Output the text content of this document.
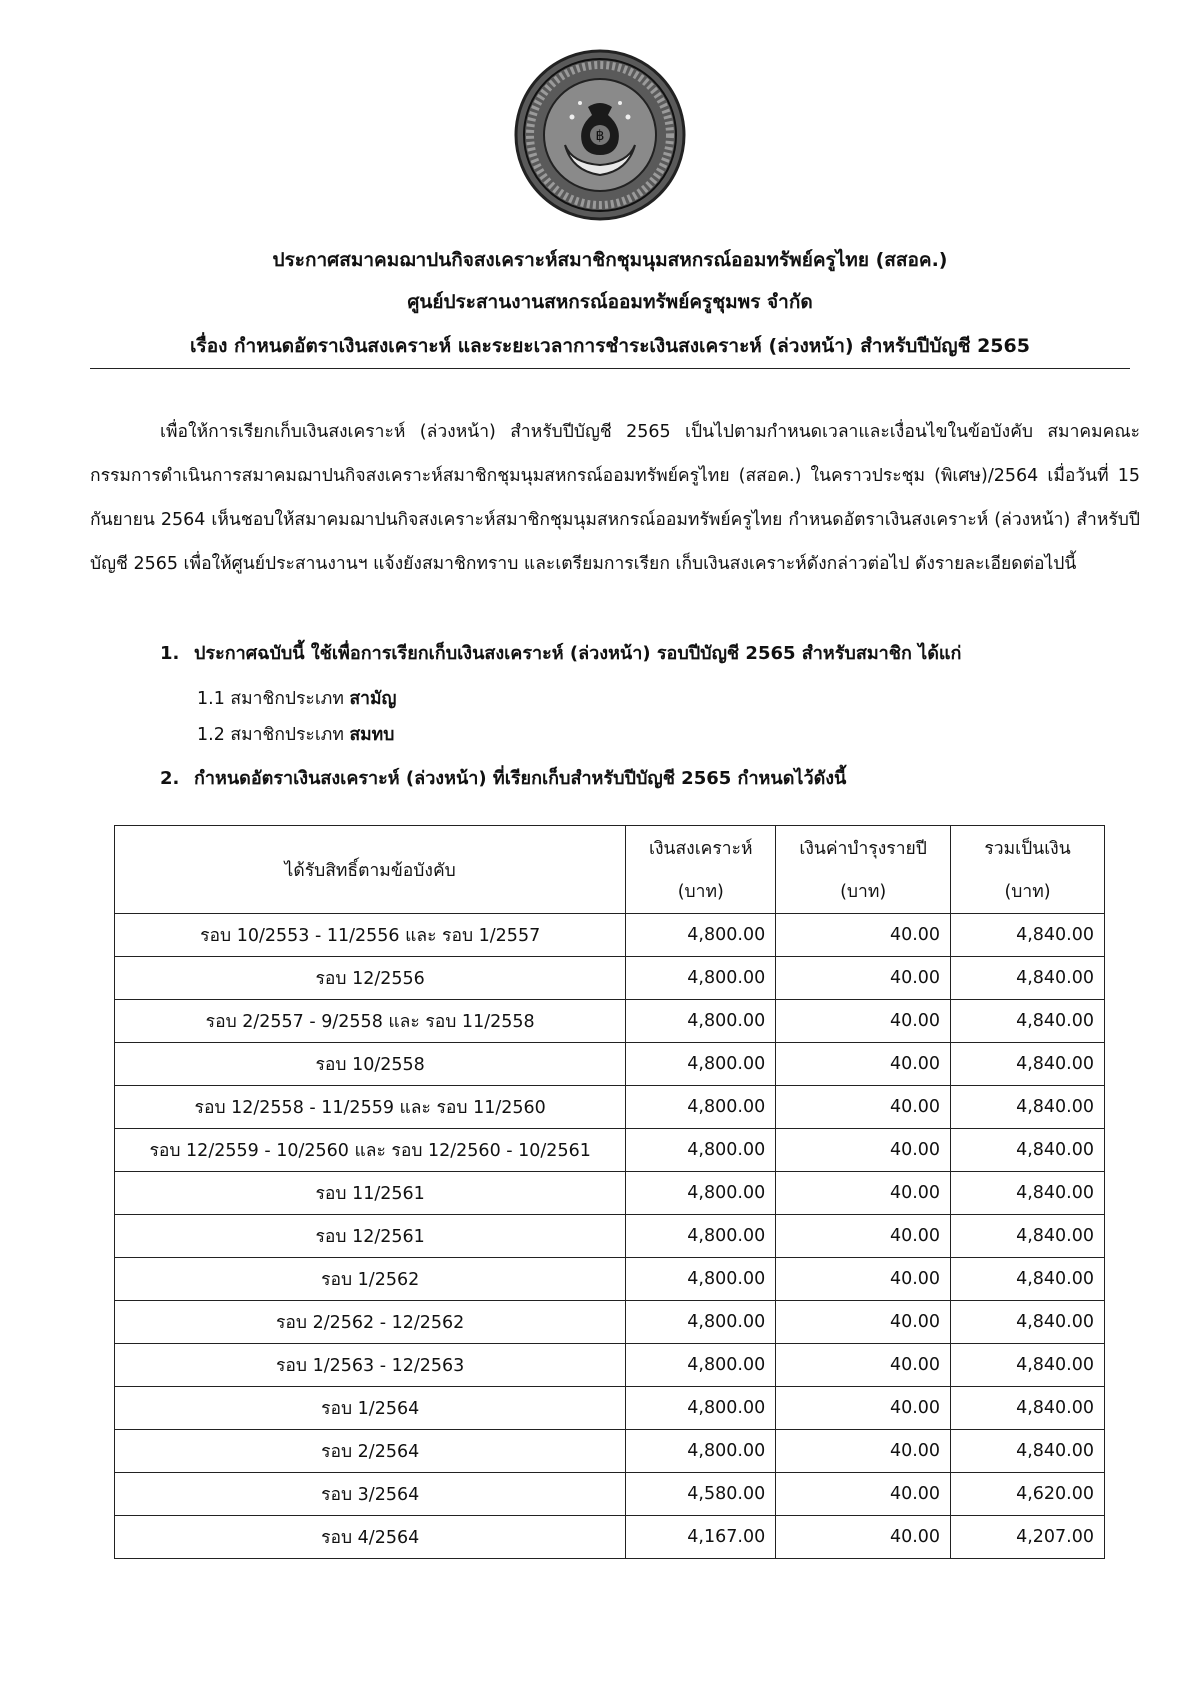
฿
ประกาศสมาคมฌาปนกิจสงเคราะห์สมาชิกชุมนุมสหกรณ์ออมทรัพย์ครูไทย (สสอค.)
ศูนย์ประสานงานสหกรณ์ออมทรัพย์ครูชุมพร จำกัด
เรื่อง กำหนดอัตราเงินสงเคราะห์ และระยะเวลาการชำระเงินสงเคราะห์ (ล่วงหน้า) สำหรับปีบัญชี 2565
เพื่อให้การเรียกเก็บเงินสงเคราะห์ (ล่วงหน้า) สำหรับปีบัญชี 2565 เป็นไปตามกำหนดเวลาและเงื่อนไขในข้อบังคับ สมาคมคณะกรรมการดำเนินการสมาคมฌาปนกิจสงเคราะห์สมาชิกชุมนุมสหกรณ์ออมทรัพย์ครูไทย (สสอค.) ในคราวประชุม (พิเศษ)/2564 เมื่อวันที่ 15 กันยายน 2564 เห็นชอบให้สมาคมฌาปนกิจสงเคราะห์สมาชิกชุมนุมสหกรณ์ออมทรัพย์ครูไทย กำหนดอัตราเงินสงเคราะห์ (ล่วงหน้า) สำหรับปีบัญชี 2565 เพื่อให้ศูนย์ประสานงานฯ แจ้งยังสมาชิกทราบ และเตรียมการเรียก เก็บเงินสงเคราะห์ดังกล่าวต่อไป ดังรายละเอียดต่อไปนี้
1. ประกาศฉบับนี้ ใช้เพื่อการเรียกเก็บเงินสงเคราะห์ (ล่วงหน้า) รอบปีบัญชี 2565 สำหรับสมาชิก ได้แก่
1.1 สมาชิกประเภท สามัญ
1.2 สมาชิกประเภท สมทบ
2. กำหนดอัตราเงินสงเคราะห์ (ล่วงหน้า) ที่เรียกเก็บสำหรับปีบัญชี 2565 กำหนดไว้ดังนี้
ได้รับสิทธิ์ตามข้อบังคับ	เงินสงเคราะห์	เงินค่าบำรุงรายปี	รวมเป็นเงิน
	(บาท)	(บาท)	(บาท)
รอบ 10/2553 - 11/2556 และ รอบ 1/2557	4,800.00	40.00	4,840.00
รอบ 12/2556	4,800.00	40.00	4,840.00
รอบ 2/2557 - 9/2558 และ รอบ 11/2558	4,800.00	40.00	4,840.00
รอบ 10/2558	4,800.00	40.00	4,840.00
รอบ 12/2558 - 11/2559 และ รอบ 11/2560	4,800.00	40.00	4,840.00
รอบ 12/2559 - 10/2560 และ รอบ 12/2560 - 10/2561	4,800.00	40.00	4,840.00
รอบ 11/2561	4,800.00	40.00	4,840.00
รอบ 12/2561	4,800.00	40.00	4,840.00
รอบ 1/2562	4,800.00	40.00	4,840.00
รอบ 2/2562 - 12/2562	4,800.00	40.00	4,840.00
รอบ 1/2563 - 12/2563	4,800.00	40.00	4,840.00
รอบ 1/2564	4,800.00	40.00	4,840.00
รอบ 2/2564	4,800.00	40.00	4,840.00
รอบ 3/2564	4,580.00	40.00	4,620.00
รอบ 4/2564	4,167.00	40.00	4,207.00
